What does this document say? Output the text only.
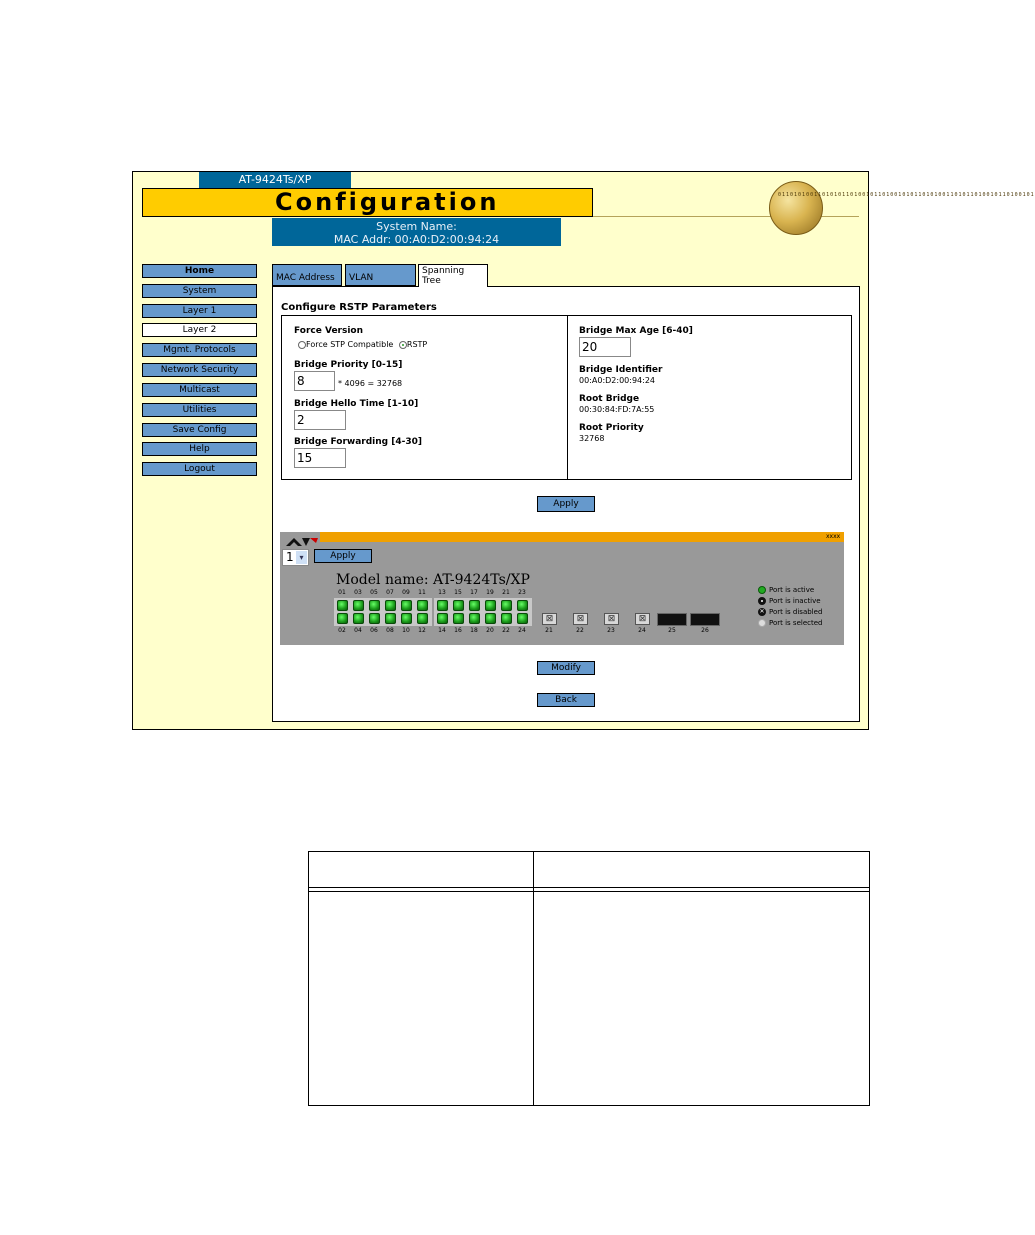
AT-9424Ts/XP
Configuration	0110101001101010110100101101001010110101001101011010010110100101
System Name:
MAC Addr: 00:A0:D2:00:94:24
Home
System
Layer 1
Layer 2
Mgmt. Protocols
Network Security
Multicast
Utilities
Save Config
Help
Logout
MAC Address	VLAN
Spanning Tree
Configure RSTP Parameters
Force Version
Force STP Compatible RSTP
Bridge Priority [0-15]
8	* 4096 = 32768
Bridge Hello Time [1-10]
2
Bridge Forwarding [4-30]
15
Bridge Max Age [6-40]
20
Bridge Identifier
00:A0:D2:00:94:24
Root Bridge
00:30:84:FD:7A:55
Root Priority
32768
Apply
xxxx
1 ▾	Apply
Model name: AT-9424Ts/XP
01	03	05	07	09	11	13	15	17	19	21	23
02	04	06	08	10	12	14	16	18	20	22	24
⊠	21
⊠	22
⊠	23
⊠	24	25	26
Port is active
Port is inactive
✕ Port is disabled
Port is selected
Modify
Back
